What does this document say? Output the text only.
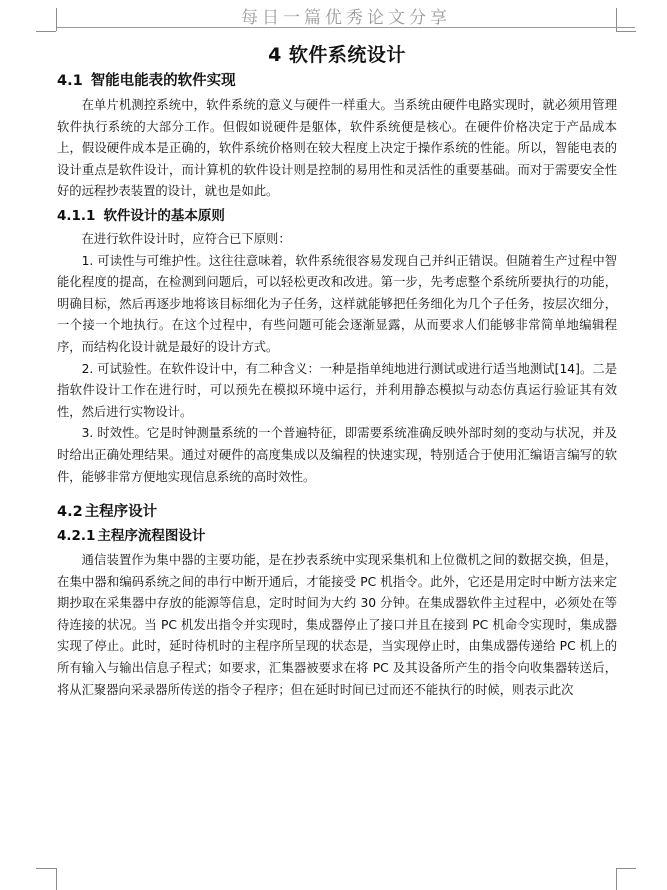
每日一篇优秀论文分享
4 软件系统设计
4.1 智能电能表的软件实现

在单片机测控系统中，软件系统的意义与硬件一样重大。当系统由硬件电路实现时，就必须用管理软件执行系统的大部分工作。但假如说硬件是躯体，软件系统便是核心。在硬件价格决定于产品成本上，假设硬件成本是正确的，软件系统价格则在较大程度上决定于操作系统的性能。所以，智能电表的设计重点是软件设计，而计算机的软件设计则是控制的易用性和灵活性的重要基础。而对于需要安全性好的远程抄表装置的设计，就也是如此。

4.1.1 软件设计的基本原则

在进行软件设计时，应符合已下原则：

1. 可读性与可维护性。这往往意味着，软件系统很容易发现自己并纠正错误。但随着生产过程中智能化程度的提高，在检测到问题后，可以轻松更改和改进。第一步，先考虑整个系统所要执行的功能，明确目标，然后再逐步地将该目标细化为子任务，这样就能够把任务细化为几个子任务，按层次细分，一个接一个地执行。在这个过程中，有些问题可能会逐渐显露，从而要求人们能够非常简单地编辑程序，而结构化设计就是最好的设计方式。

2. 可试验性。在软件设计中，有二种含义：一种是指单纯地进行测试或进行适当地测试[14]。二是指软件设计工作在进行时，可以预先在模拟环境中运行，并利用静态模拟与动态仿真运行验证其有效性，然后进行实物设计。

3. 时效性。它是时钟测量系统的一个普遍特征，即需要系统准确反映外部时刻的变动与状况，并及时给出正确处理结果。通过对硬件的高度集成以及编程的快速实现，特别适合于使用汇编语言编写的软件，能够非常方便地实现信息系统的高时效性。

4.2 主程序设计
4.2.1 主程序流程图设计

通信装置作为集中器的主要功能，是在抄表系统中实现采集机和上位微机之间的数据交换，但是，在集中器和编码系统之间的串行中断开通后，才能接受 PC 机指令。此外，它还是用定时中断方法来定期抄取在采集器中存放的能源等信息，定时时间为大约 30 分钟。在集成器软件主过程中，必须处在等待连接的状况。当 PC 机发出指令并实现时，集成器停止了接口并且在接到 PC 机命令实现时，集成器实现了停止。此时，延时待机时的主程序所呈现的状态是，当实现停止时，由集成器传递给 PC 机上的所有输入与输出信息子程式；如要求，汇集器被要求在将 PC 及其设备所产生的指令向收集器转送后，将从汇聚器向采录器所传送的指令子程序；但在延时时间已过而还不能执行的时候，则表示此次
